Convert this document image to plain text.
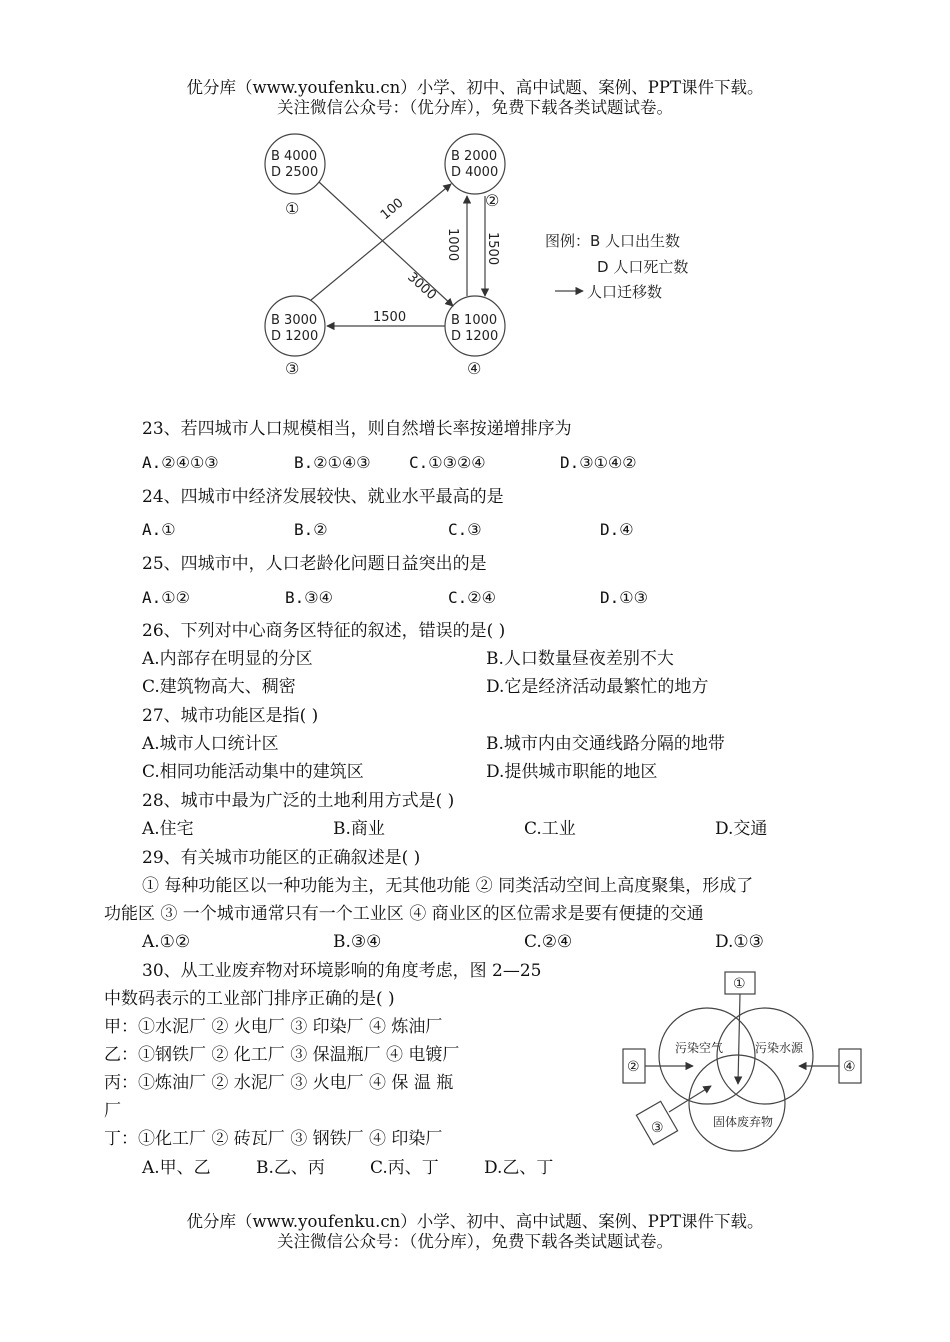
优分库（www.youfenku.cn）小学、初中、高中试题、案例、PPT课件下载。
关注微信公众号：（优分库），免费下载各类试题试卷。
B 4000
D 2500
①
B 2000
D 4000
②
B 3000
D 1200
③
B 1000
D 1200
④
3000
100
1000 1500
1500
图例：B 人口出生数
D 人口死亡数
人口迁移数
23、若四城市人口规模相当，则自然增长率按递增排序为
A.②④①③	B.②①④③ C.①③②④	D.③①④②
24、四城市中经济发展较快、就业水平最高的是
A.①	B.②	C.③	D.④
25、四城市中，人口老龄化问题日益突出的是
A.①②	B.③④	C.②④	D.①③
26、下列对中心商务区特征的叙述，错误的是( )
A.内部存在明显的分区	B.人口数量昼夜差别不大
C.建筑物高大、稠密	D.它是经济活动最繁忙的地方
27、城市功能区是指( )
A.城市人口统计区	B.城市内由交通线路分隔的地带
C.相同功能活动集中的建筑区	D.提供城市职能的地区
28、城市中最为广泛的土地利用方式是( )
A.住宅	B.商业	C.工业	D.交通
29、有关城市功能区的正确叙述是( )
① 每种功能区以一种功能为主，无其他功能 ② 同类活动空间上高度聚集，形成了
功能区 ③ 一个城市通常只有一个工业区 ④ 商业区的区位需求是要有便捷的交通
A.①②	B.③④	C.②④	D.①③
30、从工业废弃物对环境影响的角度考虑，图 2—25
中数码表示的工业部门排序正确的是( )
甲：①水泥厂 ② 火电厂 ③ 印染厂 ④ 炼油厂
乙：①钢铁厂 ② 化工厂 ③ 保温瓶厂 ④ 电镀厂
丙：①炼油厂 ② 水泥厂 ③ 火电厂 ④ 保 温 瓶
厂
丁：①化工厂 ② 砖瓦厂 ③ 钢铁厂 ④ 印染厂
A.甲、乙	B.乙、丙	C.丙、丁	D.乙、丁
①
②	④
③
污染空气	污染水源
固体废弃物
优分库（www.youfenku.cn）小学、初中、高中试题、案例、PPT课件下载。
关注微信公众号：（优分库），免费下载各类试题试卷。
